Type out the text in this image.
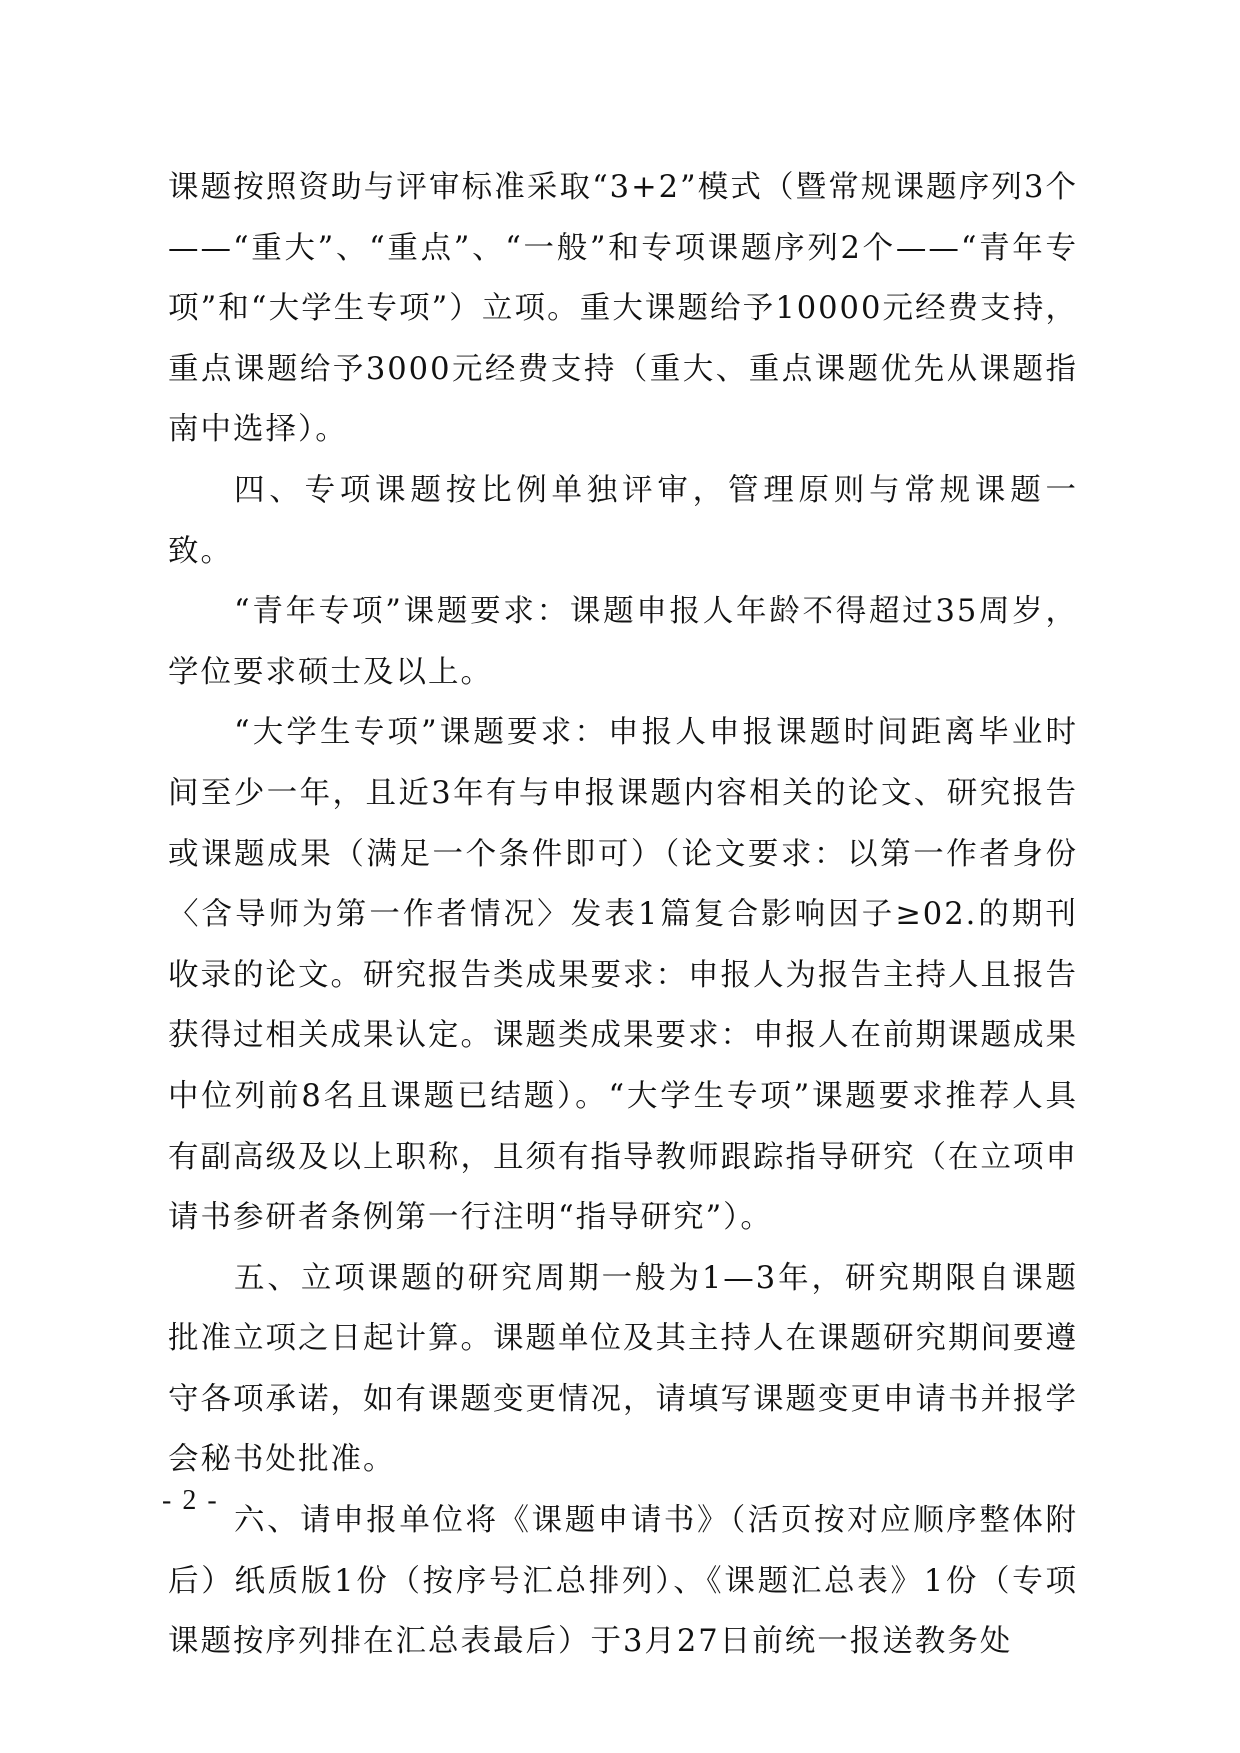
课题按照资助与评审标准采取“3+2”模式（暨常规课题序列3个——“重大”、“重点”、“一般”和专项课题序列2个——“青年专项”和“大学生专项”）立项。重大课题给予10000元经费支持，重点课题给予3000元经费支持（重大、重点课题优先从课题指南中选择）。

四、专项课题按比例单独评审，管理原则与常规课题一致。

“青年专项”课题要求：课题申报人年龄不得超过35周岁，学位要求硕士及以上。

“大学生专项”课题要求：申报人申报课题时间距离毕业时间至少一年，且近3年有与申报课题内容相关的论文、研究报告或课题成果（满足一个条件即可）（论文要求：以第一作者身份〈含导师为第一作者情况〉发表1篇复合影响因子≥02.的期刊收录的论文。研究报告类成果要求：申报人为报告主持人且报告获得过相关成果认定。课题类成果要求：申报人在前期课题成果中位列前8名且课题已结题）。“大学生专项”课题要求推荐人具有副高级及以上职称，且须有指导教师跟踪指导研究（在立项申请书参研者条例第一行注明“指导研究”）。

五、立项课题的研究周期一般为1—3年，研究期限自课题批准立项之日起计算。课题单位及其主持人在课题研究期间要遵守各项承诺，如有课题变更情况，请填写课题变更申请书并报学会秘书处批准。

六、请申报单位将《课题申请书》（活页按对应顺序整体附后）纸质版1份（按序号汇总排列）、《课题汇总表》1份（专项课题按序列排在汇总表最后）于3月27日前统一报送教务处

- 2 -
